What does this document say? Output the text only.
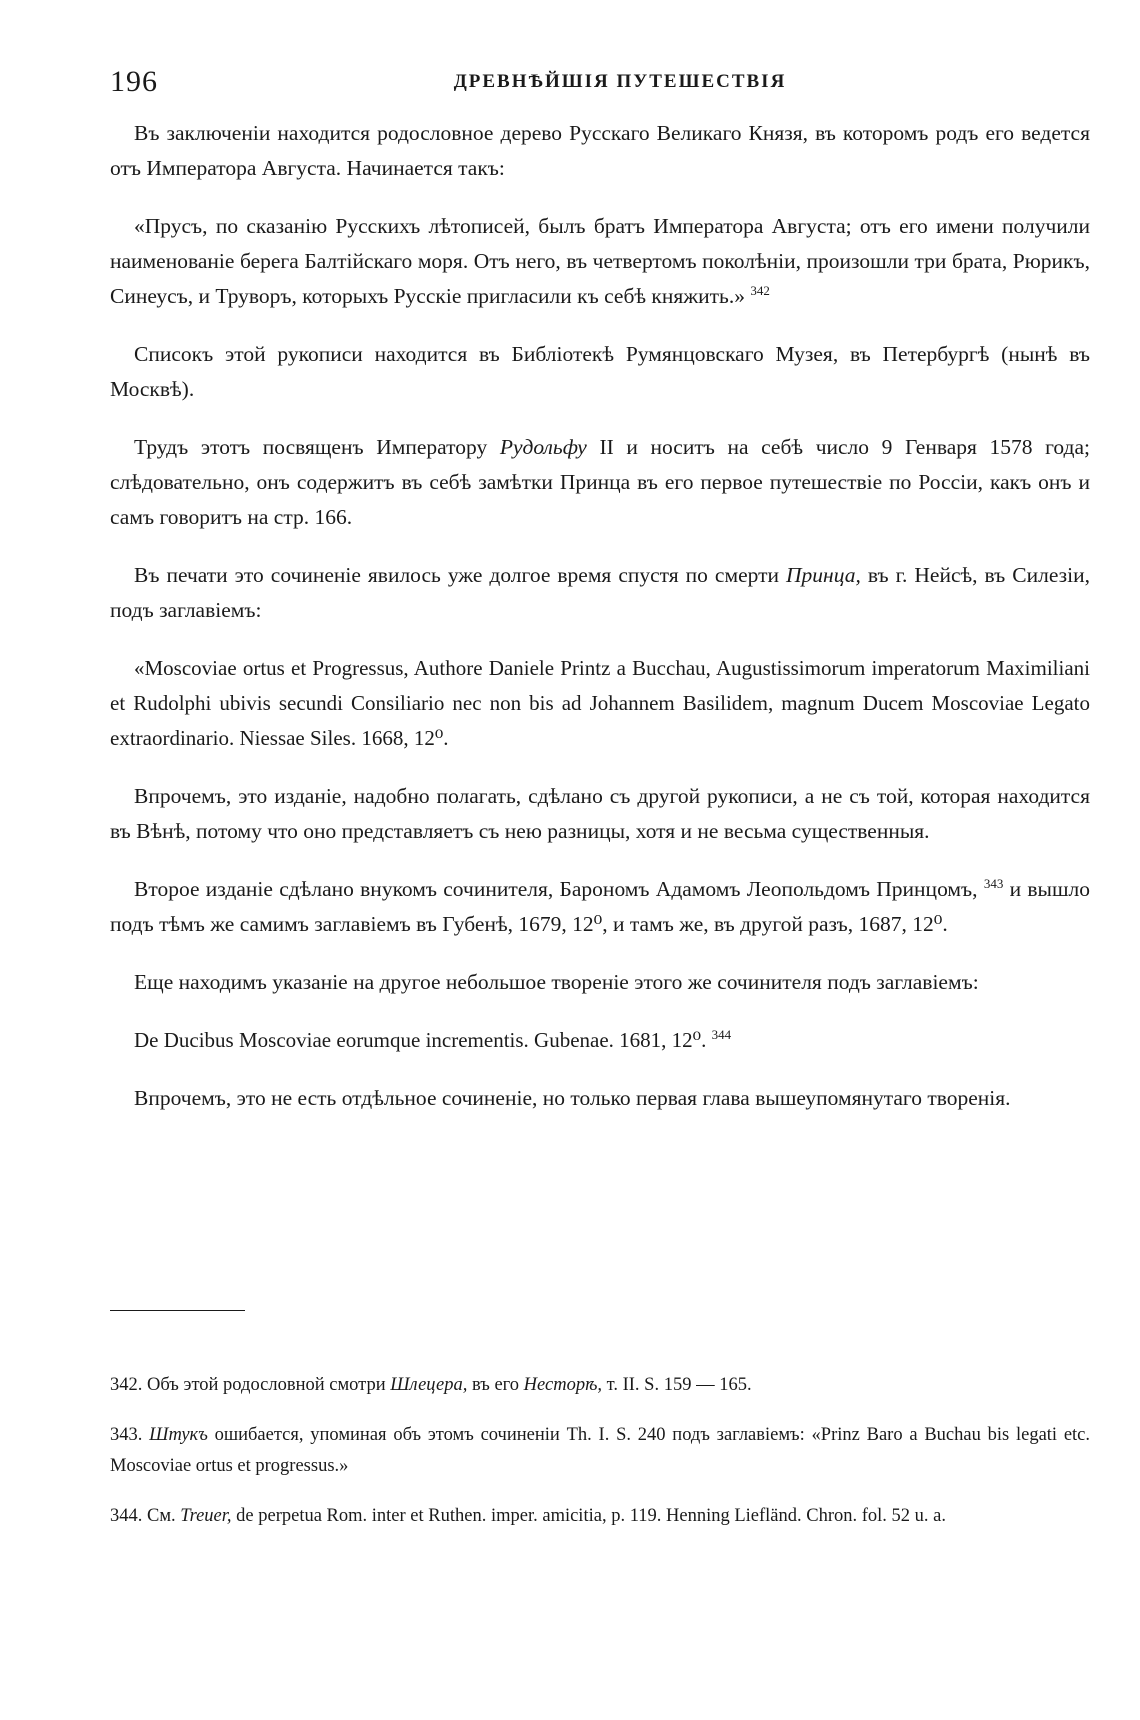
196	ДРЕВНѢЙШІЯ ПУТЕШЕСТВІЯ

Въ заключеніи находится родословное дерево Русскаго Великаго Князя, въ которомъ родъ его ведется отъ Императора Августа. Начинается такъ:

«Прусъ, по сказанію Русскихъ лѣтописей, былъ братъ Императора Августа; отъ его имени получили наименованіе берега Балтійскаго моря. Отъ него, въ четвертомъ поколѣніи, произошли три брата, Рюрикъ, Синеусъ, и Труворъ, которыхъ Русскіе пригласили къ себѣ княжить.» $^{342}$

Списокъ этой рукописи находится въ Библіотекѣ Румянцовскаго Музея, въ Петербургѣ (нынѣ въ Москвѣ).

Трудъ этотъ посвященъ Императору Рудольфу II и носитъ на себѣ число 9 Генваря 1578 года; слѣдовательно, онъ содержитъ въ себѣ замѣтки Принца въ его первое путешествіе по Россіи, какъ онъ и самъ говоритъ на стр. 166.

Въ печати это сочиненіе явилось уже долгое время спустя по смерти Принца, въ г. Нейсѣ, въ Силезіи, подъ заглавіемъ:

«Moscoviae ortus et Progressus, Authore Daniele Printz a Bucchau, Augustissimorum imperatorum Maximiliani et Rudolphi ubivis secundi Consiliario nec non bis ad Johannem Basilidem, magnum Ducem Moscoviae Legato extraordinario. Niessae Siles. 1668, 12⁰.

Впрочемъ, это изданіе, надобно полагать, сдѣлано съ другой рукописи, а не съ той, которая находится въ Вѣнѣ, потому что оно представляетъ съ нею разницы, хотя и не весьма существенныя.

Второе изданіе сдѣлано внукомъ сочинителя, Барономъ Адамомъ Леопольдомъ Принцомъ, $^{343}$ и вышло подъ тѣмъ же самимъ заглавіемъ въ Губенѣ, 1679, 12⁰, и тамъ же, въ другой разъ, 1687, 12⁰.

Еще находимъ указаніе на другое небольшое твореніе этого же сочинителя подъ заглавіемъ:

De Ducibus Moscoviae eorumque incrementis. Gubenae. 1681, 12⁰. $^{344}$

Впрочемъ, это не есть отдѣльное сочиненіе, но только первая глава вышеупомянутаго творенія.

342. Объ этой родословной смотри Шлецера, въ его Несторѣ, т. II. S. 159 — 165.

343. Штукъ ошибается, упоминая объ этомъ сочиненіи Th. I. S. 240 подъ заглавіемъ: «Prinz Baro a Buchau bis legati etc. Moscoviae ortus et progressus.»

344. См. Treuer, de perpetua Rom. inter et Ruthen. imper. amicitia, p. 119. Henning Liefländ. Chron. fol. 52 u. a.
